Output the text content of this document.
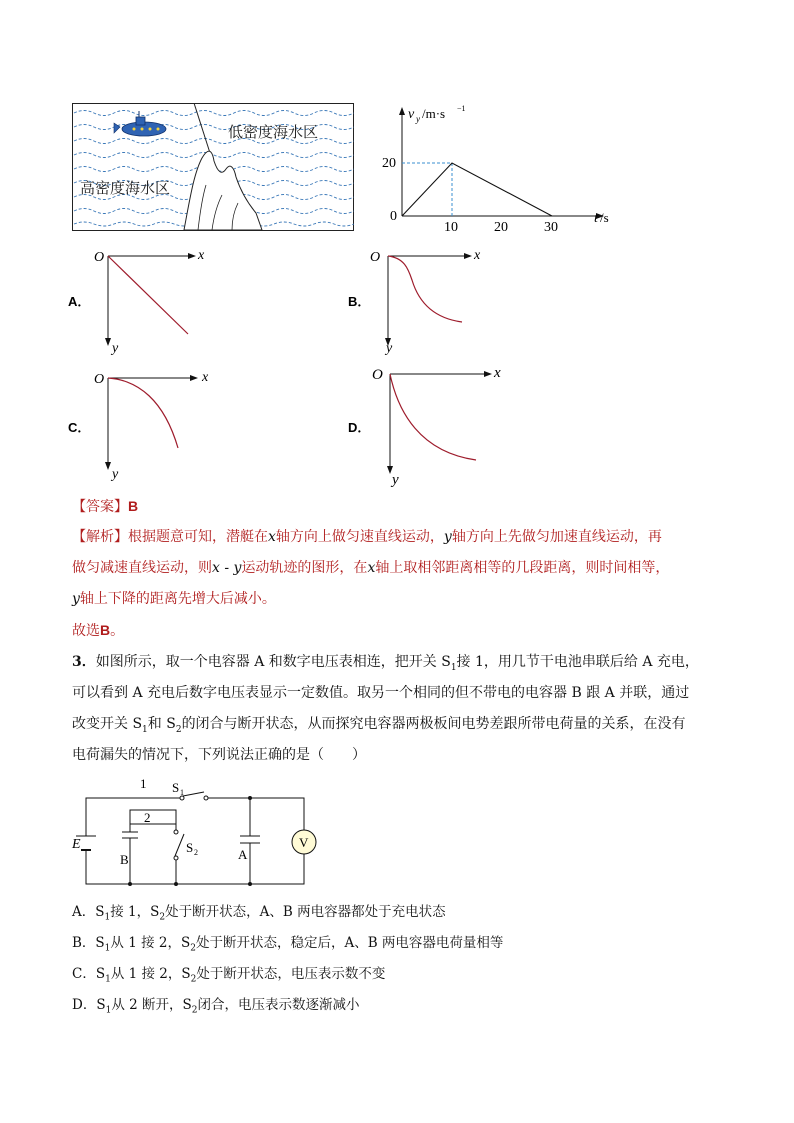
低密度海水区
高密度海水区
v y /m·s −1
t /s
10	20	30
20
0
A．
O	x
y
B．
O	x
y
C．
O	x
y
D．
O	x
y
【答案】B
【解析】根据题意可知，潜艇在x轴方向上做匀速直线运动，y轴方向上先做匀加速直线运动，再
做匀减速直线运动，则x - y运动轨迹的图形，在x轴上取相邻距离相等的几段距离，则时间相等，
y轴上下降的距离先增大后减小。
故选B。
3．如图所示，取一个电容器 A 和数字电压表相连，把开关 $S_1$接 1，用几节干电池串联后给 A 充电，
可以看到 A 充电后数字电压表显示一定数值。取另一个相同的但不带电的电容器 B 跟 A 并联，通过
改变开关 $S_1$和 $S_2$的闭合与断开状态，从而探究电容器两极板间电势差跟所带电荷量的关系，在没有
电荷漏失的情况下，下列说法正确的是（　　）
1
2
S 1
S 2
E
B	A
V
A．$S_1$接 1，$S_2$处于断开状态，A、B 两电容器都处于充电状态
B．$S_1$从 1 接 2，$S_2$处于断开状态，稳定后，A、B 两电容器电荷量相等
C．$S_1$从 1 接 2，$S_2$处于断开状态，电压表示数不变
D．$S_1$从 2 断开，$S_2$闭合，电压表示数逐渐减小
